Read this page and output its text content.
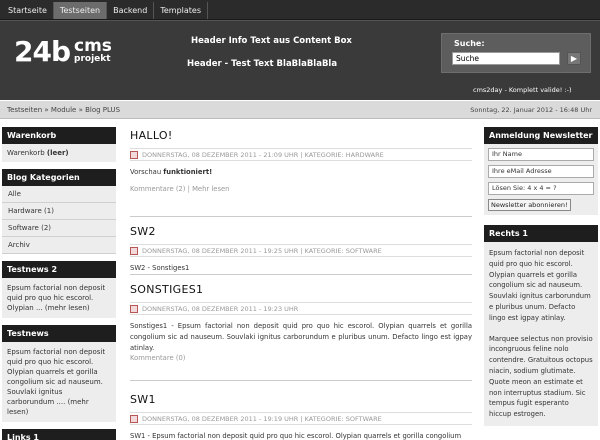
Startseite	Testseiten	Backend	Templates
24b cms
projekt
Header Info Text aus Content Box
Header - Test Text BlaBlaBlaBla
Suche:
Suche
▶
cms2day - Komplett valide! :-)
Testseiten » Module » Blog PLUS	Sonntag, 22. Januar 2012 - 16:48 Uhr
Warenkorb
Warenkorb (leer)
Blog Kategorien
Alle
Hardware (1)
Software (2)
Archiv
Testnews 2
Epsum factorial non deposit quid pro quo hic escorol. Olypian ... (mehr lesen)
Testnews
Epsum factorial non deposit quid pro quo hic escorol. Olypian quarrels et gorilla congolium sic ad nauseum. Souvlaki ignitus carborundum .... (mehr lesen)
Links 1
HALLO!
DONNERSTAG, 08 DEZEMBER 2011 - 21:09 UHR | KATEGORIE: HARDWARE
Vorschau funktioniert!
Kommentare (2) | Mehr lesen
SW2
DONNERSTAG, 08 DEZEMBER 2011 - 19:25 UHR | KATEGORIE: SOFTWARE
SW2 - Sonstiges1
SONSTIGES1
DONNERSTAG, 08 DEZEMBER 2011 - 19:23 UHR
Sonstiges1 - Epsum factorial non deposit quid pro quo hic escorol. Olypian quarrels et gorilla congolium sic ad nauseum. Souvlaki ignitus carborundum e pluribus unum. Defacto lingo est igpay atinlay.
Kommentare (0)
SW1
DONNERSTAG, 08 DEZEMBER 2011 - 19:19 UHR | KATEGORIE: SOFTWARE
SW1 - Epsum factorial non deposit quid pro quo hic escorol. Olypian quarrels et gorilla congolium
Anmeldung Newsletter
Ihr Name
Ihre eMail Adresse
Lösen Sie: 4 x 4 = ?
Newsletter abonnieren!
Rechts 1

Epsum factorial non deposit quid pro quo hic escorol. Olypian quarrels et gorilla congolium sic ad nauseum. Souvlaki ignitus carborundum e pluribus unum. Defacto lingo est igpay atinlay.

Marquee selectus non provisio incongruous feline nolo contendre. Gratuitous octopus niacin, sodium glutimate. Quote meon an estimate et non interruptus stadium. Sic tempus fugit esperanto hiccup estrogen.
